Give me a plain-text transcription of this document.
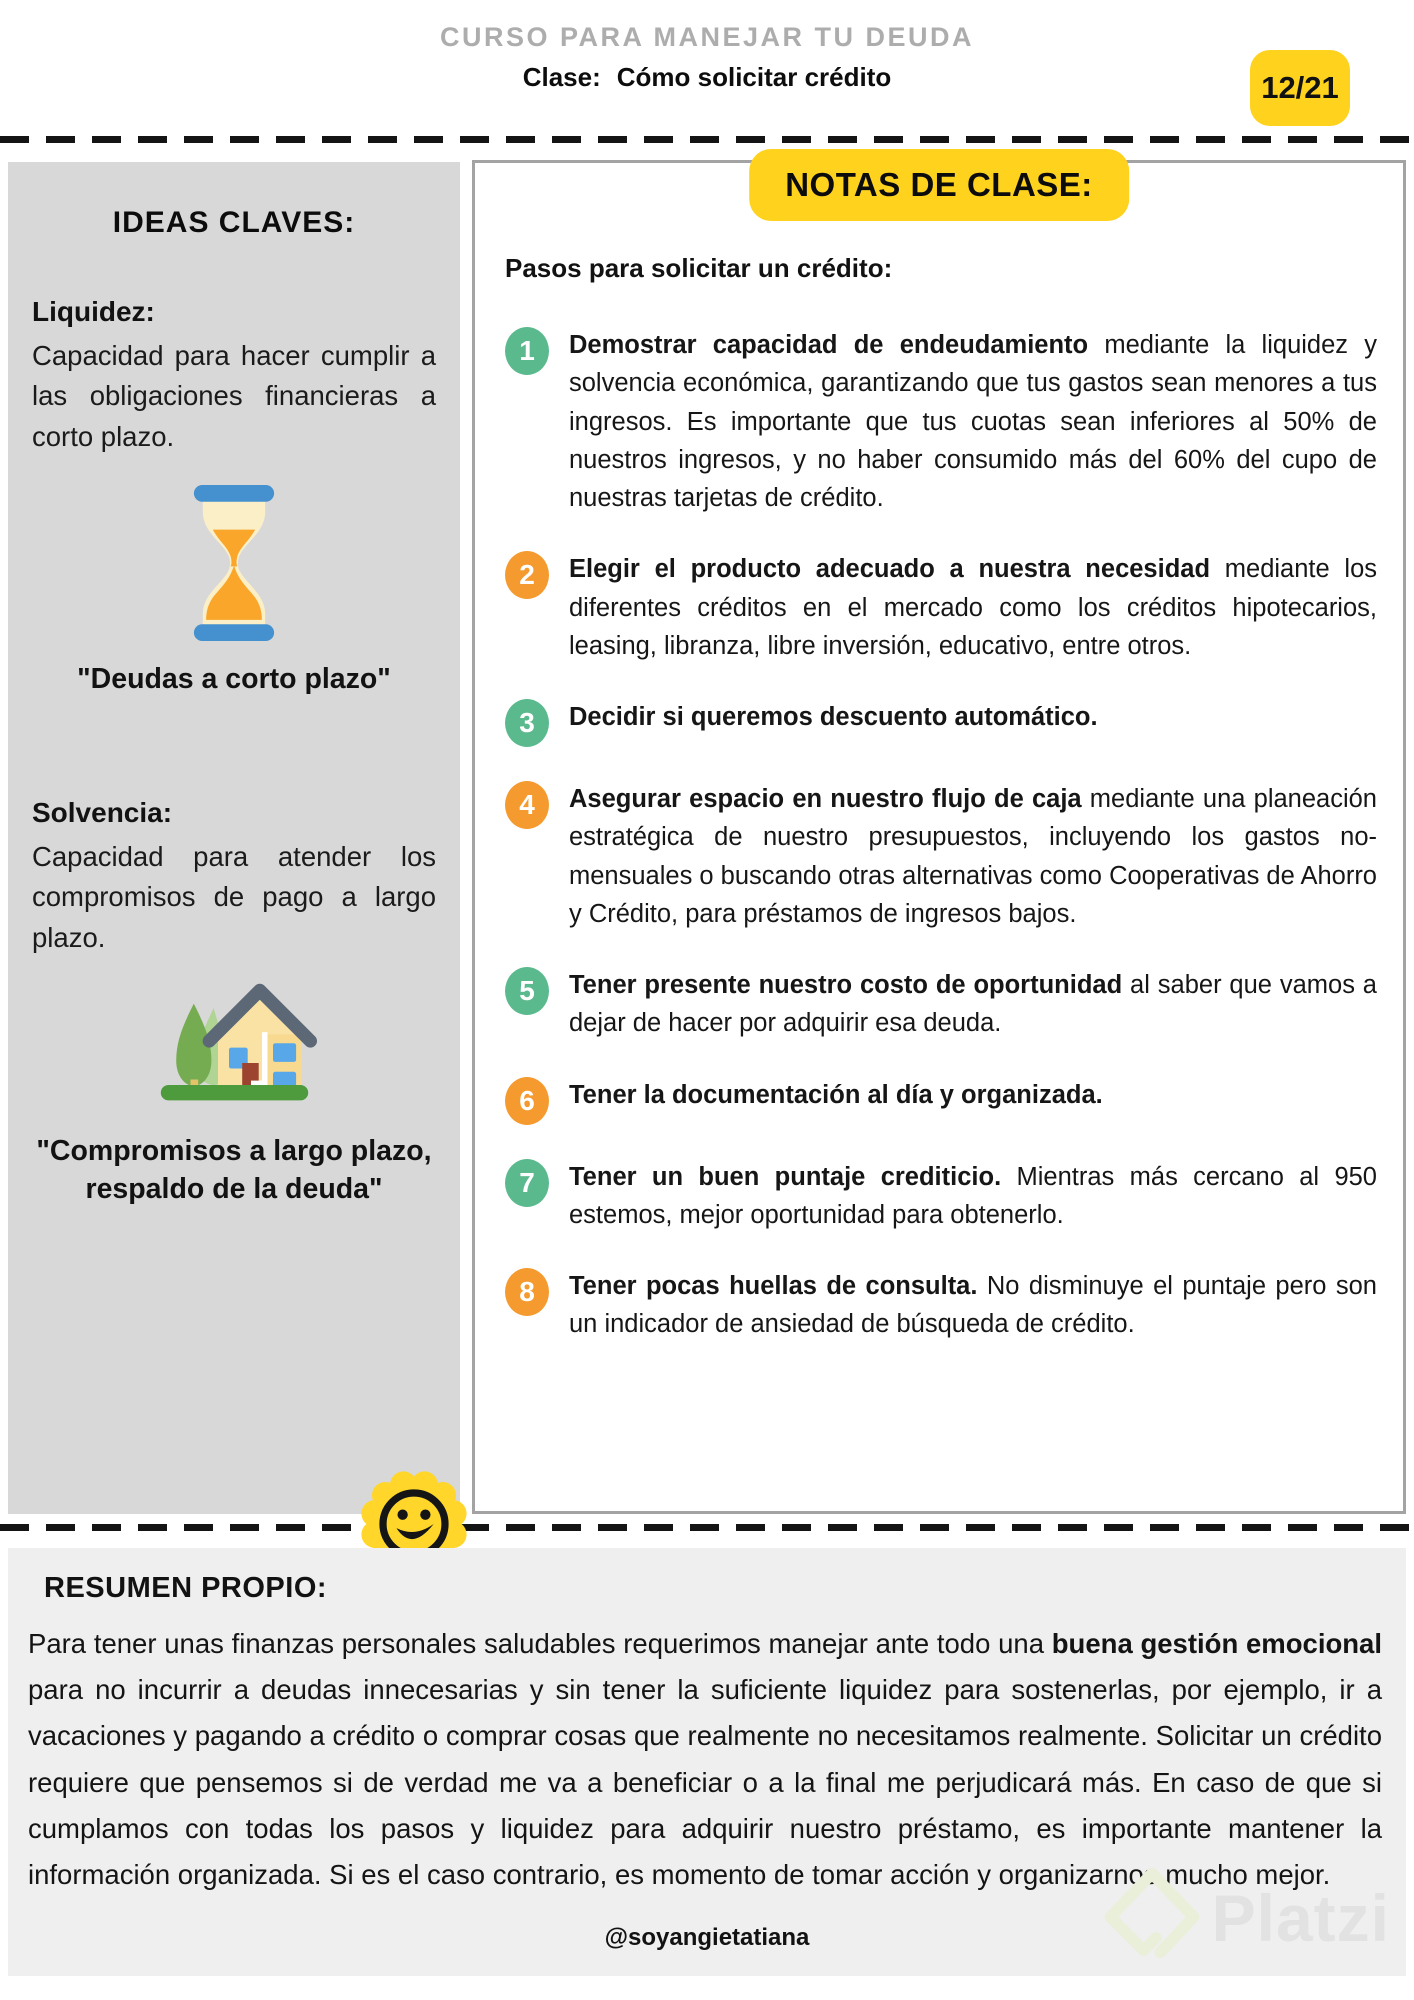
CURSO PARA MANEJAR TU DEUDA
Clase: Cómo solicitar crédito	12/21
IDEAS CLAVES:
Liquidez:
Capacidad para hacer cumplir a las obligaciones financieras a corto plazo.
"Deudas a corto plazo"
Solvencia:
Capacidad para atender los compromisos de pago a largo plazo.
"Compromisos a largo plazo, respaldo de la deuda"
NOTAS DE CLASE:
Pasos para solicitar un crédito:
1	Demostrar capacidad de endeudamiento mediante la liquidez y solvencia económica, garantizando que tus gastos sean menores a tus ingresos. Es importante que tus cuotas sean inferiores al 50% de nuestros ingresos, y no haber consumido más del 60% del cupo de nuestras tarjetas de crédito.
2	Elegir el producto adecuado a nuestra necesidad mediante los diferentes créditos en el mercado como los créditos hipotecarios, leasing, libranza, libre inversión, educativo, entre otros.
3	Decidir si queremos descuento automático.
4	Asegurar espacio en nuestro flujo de caja mediante una planeación estratégica de nuestro presupuestos, incluyendo los gastos no-mensuales o buscando otras alternativas como Cooperativas de Ahorro y Crédito, para préstamos de ingresos bajos.
5	Tener presente nuestro costo de oportunidad al saber que vamos a dejar de hacer por adquirir esa deuda.
6	Tener la documentación al día y organizada.
7	Tener un buen puntaje crediticio. Mientras más cercano al 950 estemos, mejor oportunidad para obtenerlo.
8	Tener pocas huellas de consulta. No disminuye el puntaje pero son un indicador de ansiedad de búsqueda de crédito.
RESUMEN PROPIO:

Para tener unas finanzas personales saludables requerimos manejar ante todo una buena gestión emocional para no incurrir a deudas innecesarias y sin tener la suficiente liquidez para sostenerlas, por ejemplo, ir a vacaciones y pagando a crédito o comprar cosas que realmente no necesitamos realmente. Solicitar un crédito requiere que pensemos si de verdad me va a beneficiar o a la final me perjudicará más. En caso de que si cumplamos con todas los pasos y liquidez para adquirir nuestro préstamo, es importante mantener la información organizada. Si es el caso contrario, es momento de tomar acción y organizarnos mucho mejor.

@soyangietatiana	Platzi
